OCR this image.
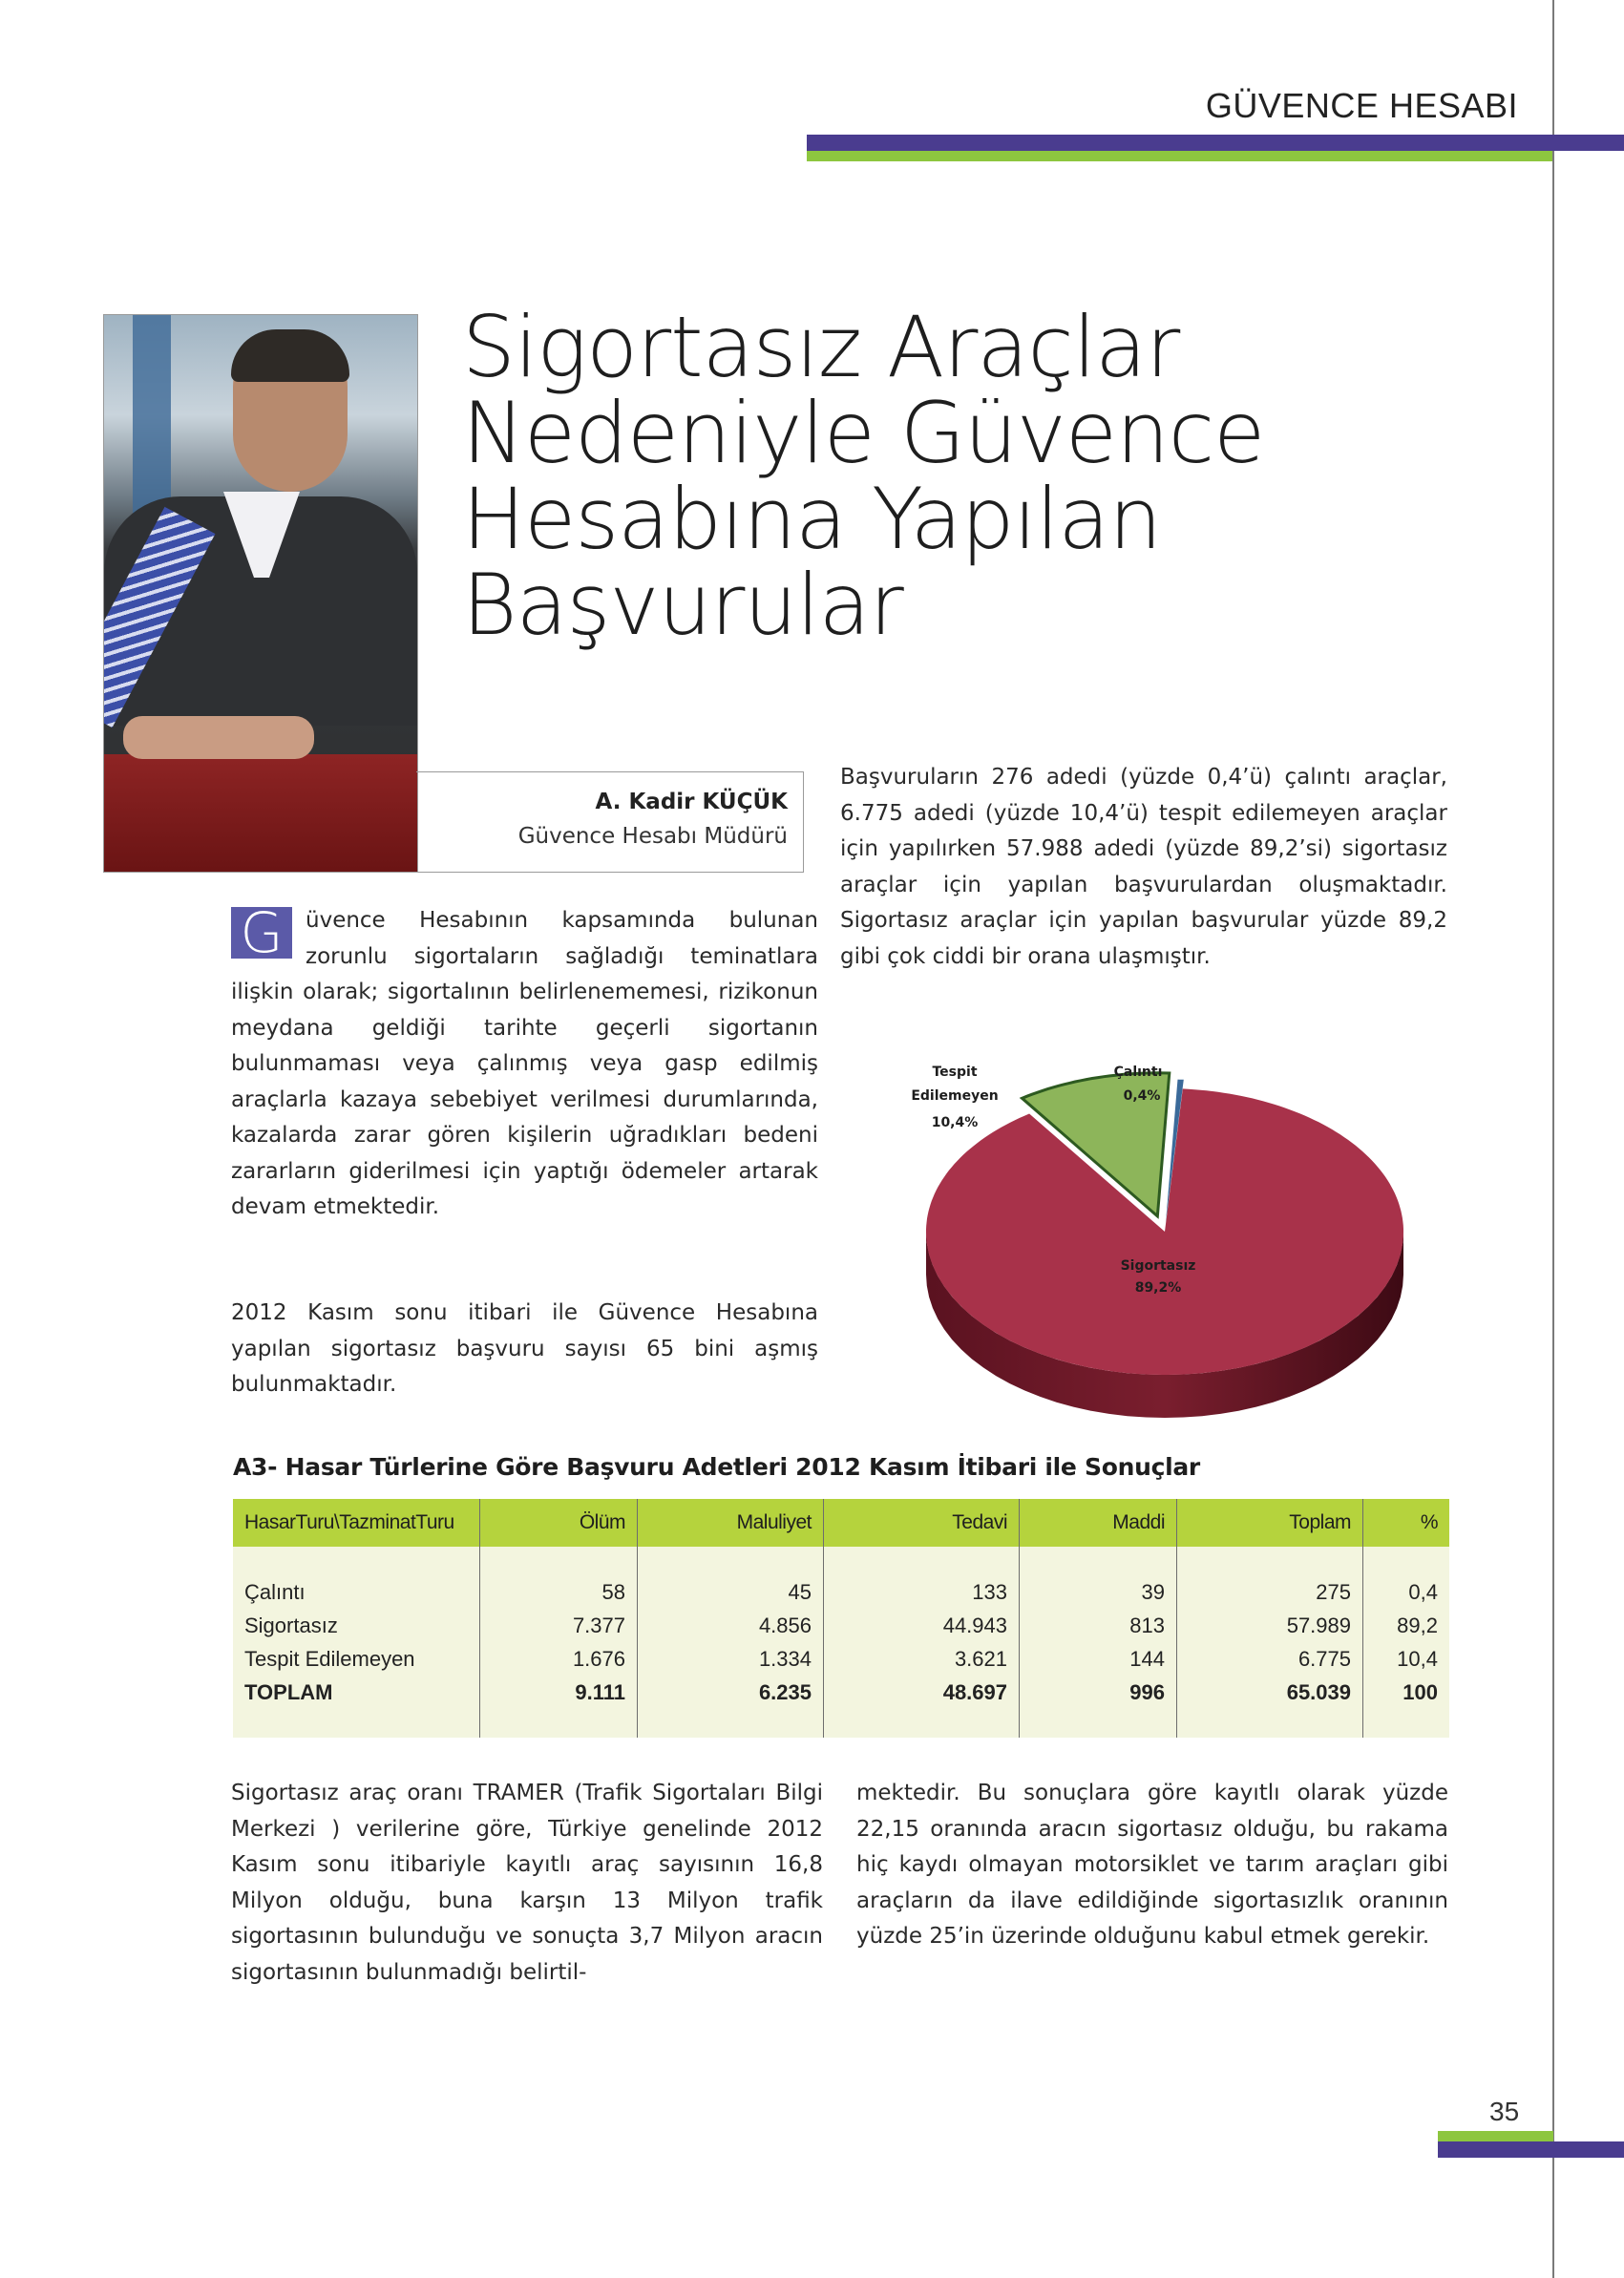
GÜVENCE HESABI
Sigortasız Araçlar
Nedeniyle Güvence
Hesabına Yapılan
Başvurular
A. Kadir KÜÇÜK
Güvence Hesabı Müdürü
G	üvence Hesabının kapsamında bulunan zorunlu sigortaların sağladığı teminatlara ilişkin olarak; sigortalının belirlenememesi, rizikonun meydana geldiği tarihte geçerli sigortanın bulunmaması veya çalınmış veya gasp edilmiş araçlarla kazaya sebebiyet verilmesi durumlarında, kazalarda zarar gören kişilerin uğradıkları bedeni zararların giderilmesi için yaptığı ödemeler artarak devam etmektedir.
2012 Kasım sonu itibari ile Güvence Hesabına yapılan sigortasız başvuru sayısı 65 bini aşmış bulunmaktadır.
Başvuruların 276 adedi (yüzde 0,4’ü) çalıntı araçlar, 6.775 adedi (yüzde 10,4’ü) tespit edilemeyen araçlar için yapılırken 57.988 adedi (yüzde 89,2’si) sigortasız araçlar için yapılan başvurulardan oluşmaktadır. Sigortasız araçlar için yapılan başvurular yüzde 89,2 gibi çok ciddi bir orana ulaşmıştır.
Tespit
Edilemeyen
10,4%
Çalıntı
0,4%
Sigortasız
89,2%
A3- Hasar Türlerine Göre Başvuru Adetleri 2012 Kasım İtibari ile Sonuçlar
HasarTuru\TazminatTuru	Ölüm	Maluliyet	Tedavi	Maddi	Toplam	%

Çalıntı	58	45	133	39	275	0,4
Sigortasız	7.377	4.856	44.943	813	57.989	89,2
Tespit Edilemeyen	1.676	1.334	3.621	144	6.775	10,4
TOPLAM	9.111	6.235	48.697	996	65.039	100

Sigortasız araç oranı TRAMER (Trafik Sigortaları Bilgi Merkezi ) verilerine göre, Türkiye genelinde 2012 Kasım sonu itibariyle kayıtlı araç sayısının 16,8 Milyon olduğu, buna karşın 13 Milyon trafik sigortasının bulunduğu ve sonuçta 3,7 Milyon aracın sigortasının bulunmadığı belirtil-
mektedir. Bu sonuçlara göre kayıtlı olarak yüzde 22,15 oranında aracın sigortasız olduğu, bu rakama hiç kaydı olmayan motorsiklet ve tarım araçları gibi araçların da ilave edildiğinde sigortasızlık oranının yüzde 25’in üzerinde olduğunu kabul etmek gerekir.
35
